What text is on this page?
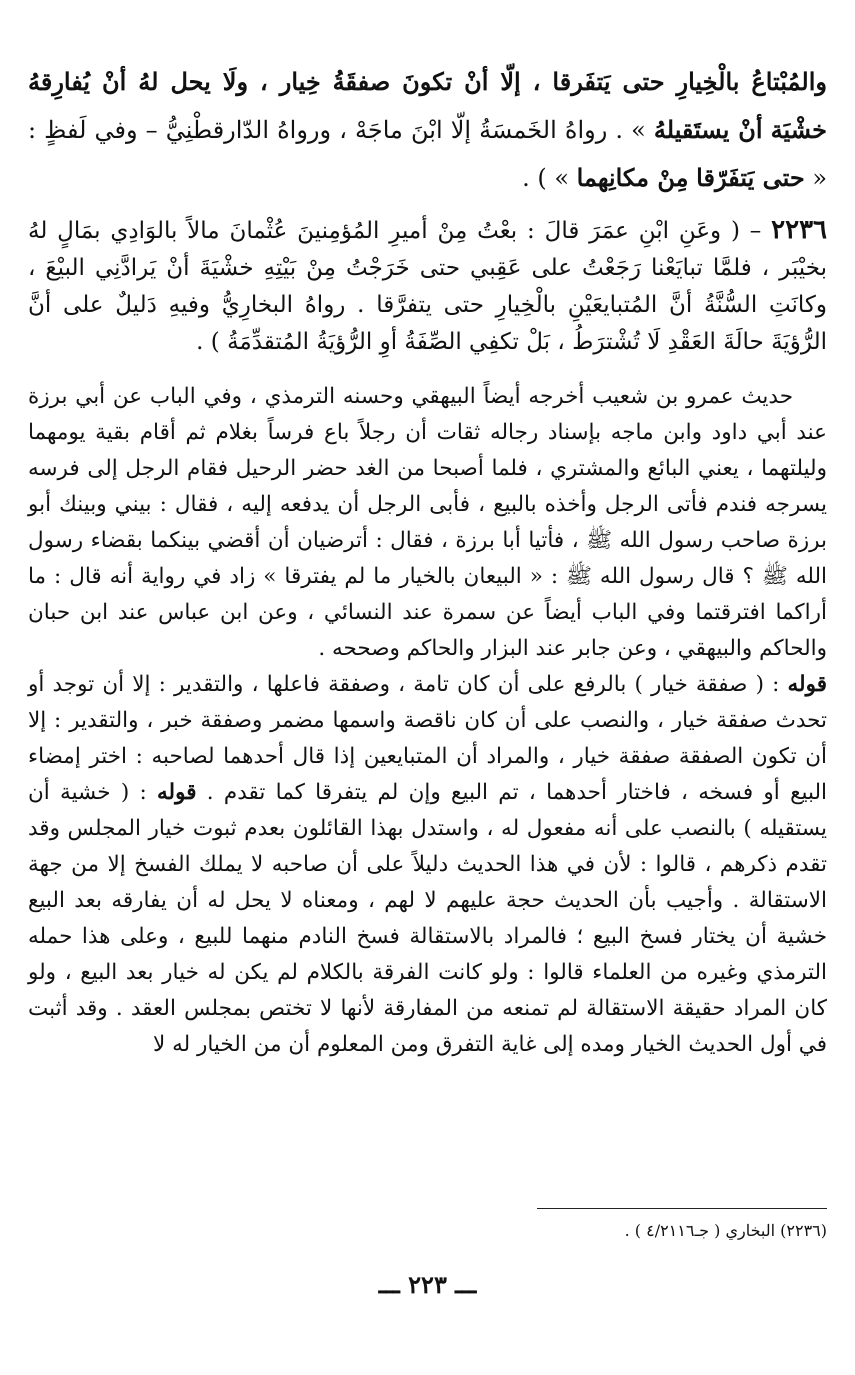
والمُبْتاعُ بالْخِيارِ حتى يَتفَرقا ، إلّا أنْ تكونَ صفقَةُ خِيار ، ولَا يحل لهُ أنْ يُفارِقهُ خشْيَة أنْ يستَقيلهُ » . رواهُ الخَمسَةُ إلّا ابْنَ ماجَهْ ، ورواهُ الدّارقطْنِيُّ – وفي لَفظٍ : « حتى يَتفَرّقا مِنْ مكانِهما » ) .

٢٢٣٦ – ( وعَنِ ابْنِ عمَرَ قالَ : بعْتُ مِنْ أميرِ المُؤمِنينَ عُثْمانَ مالاً بالوَادِي بمَالٍ لهُ بخيْبَر ، فلمَّا تبايَعْنا رَجَعْتُ على عَقِبي حتى خَرَجْتُ مِنْ بَيْتِهِ خشْيَةَ أنْ يَرادَّنِي البيْعَ ، وكانَتِ السُّنَّةُ أنَّ المُتبايعَيْنِ بالْخِيارِ حتى يتفرَّقا . رواهُ البخارِيُّ وفيهِ دَليلٌ على أنَّ الرُّؤيَةَ حالَةَ العَقْدِ لَا تُشْترَطُ ، بَلْ تكفِي الصِّفَةُ أوِ الرُّؤيَةُ المُتقدِّمَةُ ) .

حديث عمرو بن شعيب أخرجه أيضاً البيهقي وحسنه الترمذي ، وفي الباب عن أبي برزة عند أبي داود وابن ماجه بإسناد رجاله ثقات أن رجلاً باع فرساً بغلام ثم أقام بقية يومهما وليلتهما ، يعني البائع والمشتري ، فلما أصبحا من الغد حضر الرحيل فقام الرجل إلى فرسه يسرجه فندم فأتى الرجل وأخذه بالبيع ، فأبى الرجل أن يدفعه إليه ، فقال : بيني وبينك أبو برزة صاحب رسول الله ﷺ ، فأتيا أبا برزة ، فقال : أترضيان أن أقضي بينكما بقضاء رسول الله ﷺ ؟ قال رسول الله ﷺ : « البيعان بالخيار ما لم يفترقا » زاد في رواية أنه قال : ما أراكما افترقتما وفي الباب أيضاً عن سمرة عند النسائي ، وعن ابن عباس عند ابن حبان والحاكم والبيهقي ، وعن جابر عند البزار والحاكم وصححه .

قوله : ( صفقة خيار ) بالرفع على أن كان تامة ، وصفقة فاعلها ، والتقدير : إلا أن توجد أو تحدث صفقة خيار ، والنصب على أن كان ناقصة واسمها مضمر وصفقة خبر ، والتقدير : إلا أن تكون الصفقة صفقة خيار ، والمراد أن المتبايعين إذا قال أحدهما لصاحبه : اختر إمضاء البيع أو فسخه ، فاختار أحدهما ، تم البيع وإن لم يتفرقا كما تقدم . قوله : ( خشية أن يستقيله ) بالنصب على أنه مفعول له ، واستدل بهذا القائلون بعدم ثبوت خيار المجلس وقد تقدم ذكرهم ، قالوا : لأن في هذا الحديث دليلاً على أن صاحبه لا يملك الفسخ إلا من جهة الاستقالة . وأجيب بأن الحديث حجة عليهم لا لهم ، ومعناه لا يحل له أن يفارقه بعد البيع خشية أن يختار فسخ البيع ؛ فالمراد بالاستقالة فسخ النادم منهما للبيع ، وعلى هذا حمله الترمذي وغيره من العلماء قالوا : ولو كانت الفرقة بالكلام لم يكن له خيار بعد البيع ، ولو كان المراد حقيقة الاستقالة لم تمنعه من المفارقة لأنها لا تختص بمجلس العقد . وقد أثبت في أول الحديث الخيار ومده إلى غاية التفرق ومن المعلوم أن من الخيار له لا

(٢٢٣٦) البخاري ( جـ٤/٢١١٦ ) .

ـــ ٢٢٣ ـــ
